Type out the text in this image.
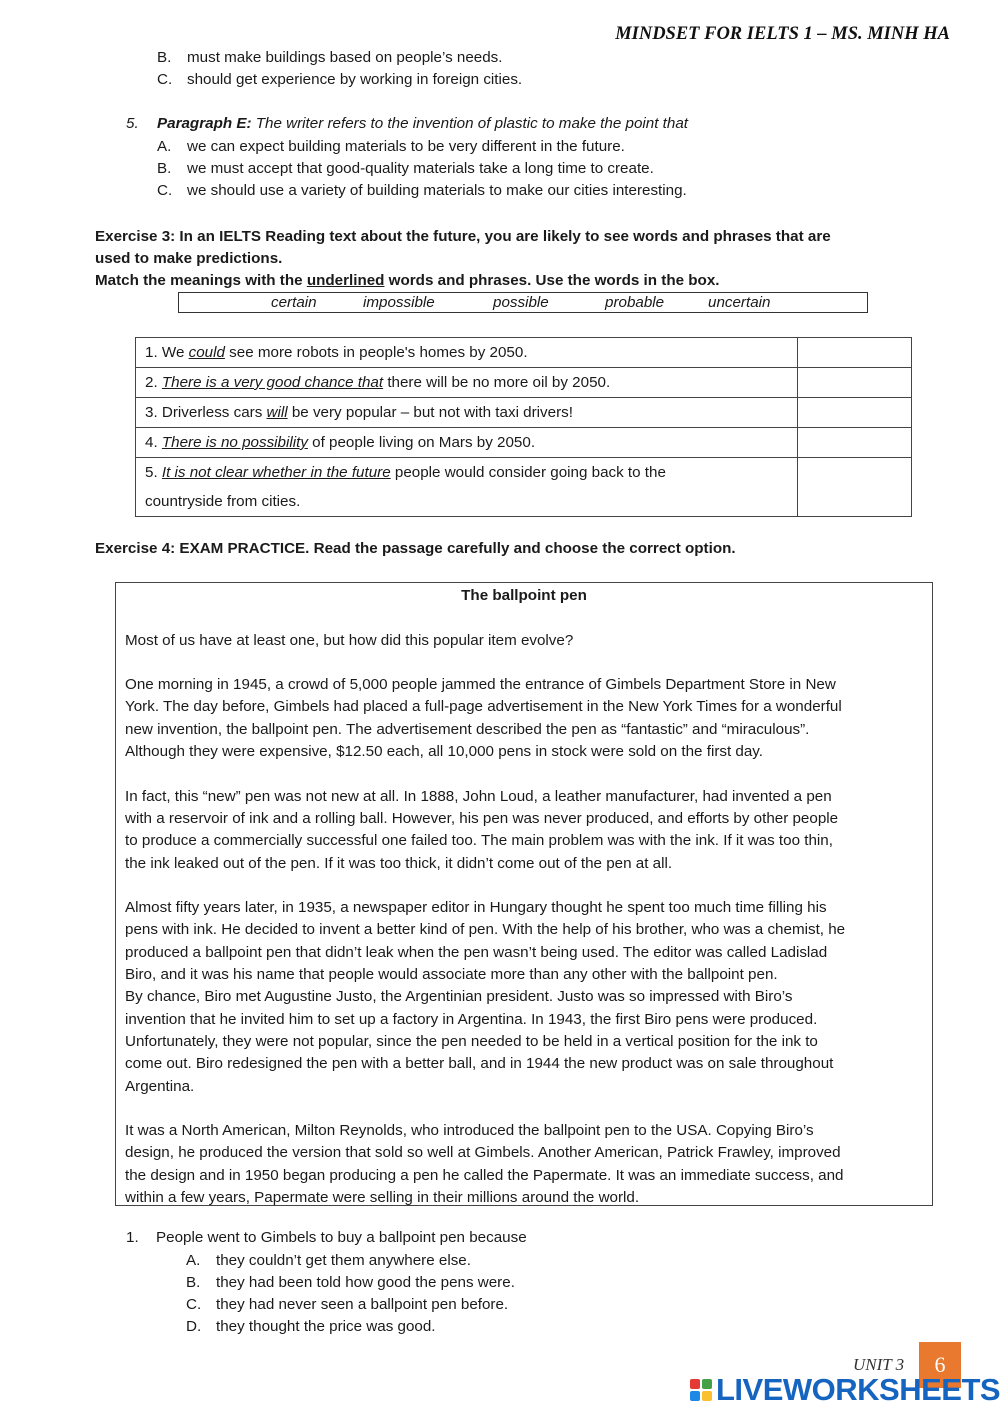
MINDSET FOR IELTS 1 – MS. MINH HA
B. must make buildings based on people’s needs.
C. should get experience by working in foreign cities.
5. Paragraph E: The writer refers to the invention of plastic to make the point that
A. we can expect building materials to be very different in the future.
B. we must accept that good-quality materials take a long time to create.
C. we should use a variety of building materials to make our cities interesting.
Exercise 3: In an IELTS Reading text about the future, you are likely to see words and phrases that are
used to make predictions.
Match the meanings with the underlined words and phrases. Use the words in the box.
certain	impossible	possible	probable	uncertain
1. We could see more robots in people's homes by 2050.	
2. There is a very good chance that there will be no more oil by 2050.	
3. Driverless cars will be very popular – but not with taxi drivers!	
4. There is no possibility of people living on Mars by 2050.	
5. It is not clear whether in the future people would consider going back to the
countryside from cities.	
Exercise 4: EXAM PRACTICE. Read the passage carefully and choose the correct option.
The ballpoint pen

Most of us have at least one, but how did this popular item evolve?

One morning in 1945, a crowd of 5,000 people jammed the entrance of Gimbels Department Store in New
York. The day before, Gimbels had placed a full-page advertisement in the New York Times for a wonderful
new invention, the ballpoint pen. The advertisement described the pen as “fantastic” and “miraculous”.
Although they were expensive, $12.50 each, all 10,000 pens in stock were sold on the first day.

In fact, this “new” pen was not new at all. In 1888, John Loud, a leather manufacturer, had invented a pen
with a reservoir of ink and a rolling ball. However, his pen was never produced, and efforts by other people
to produce a commercially successful one failed too. The main problem was with the ink. If it was too thin,
the ink leaked out of the pen. If it was too thick, it didn’t come out of the pen at all.

Almost fifty years later, in 1935, a newspaper editor in Hungary thought he spent too much time filling his
pens with ink. He decided to invent a better kind of pen. With the help of his brother, who was a chemist, he
produced a ballpoint pen that didn’t leak when the pen wasn’t being used. The editor was called Ladislad
Biro, and it was his name that people would associate more than any other with the ballpoint pen.
By chance, Biro met Augustine Justo, the Argentinian president. Justo was so impressed with Biro’s
invention that he invited him to set up a factory in Argentina. In 1943, the first Biro pens were produced.
Unfortunately, they were not popular, since the pen needed to be held in a vertical position for the ink to
come out. Biro redesigned the pen with a better ball, and in 1944 the new product was on sale throughout
Argentina.

It was a North American, Milton Reynolds, who introduced the ballpoint pen to the USA. Copying Biro’s
design, he produced the version that sold so well at Gimbels. Another American, Patrick Frawley, improved
the design and in 1950 began producing a pen he called the Papermate. It was an immediate success, and
within a few years, Papermate were selling in their millions around the world.

1. People went to Gimbels to buy a ballpoint pen because
A. they couldn’t get them anywhere else.
B. they had been told how good the pens were.
C. they had never seen a ballpoint pen before.
D. they thought the price was good.
UNIT 3	6
LIVEWORKSHEETS
